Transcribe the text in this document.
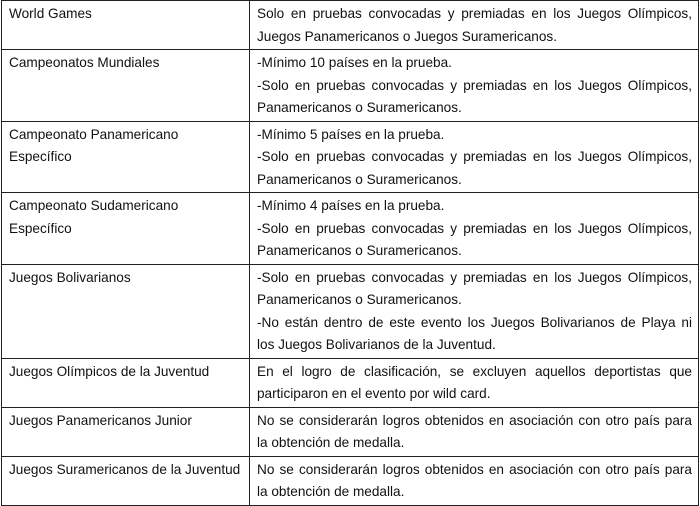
World Games	Solo en pruebas convocadas y premiadas en los Juegos Olímpicos,
Juegos Panamericanos o Juegos Suramericanos.

Campeonatos Mundiales	-Mínimo 10 países en la prueba.
-Solo en pruebas convocadas y premiadas en los Juegos Olímpicos,
Panamericanos o Suramericanos.

Campeonato Panamericano Específico	-Mínimo 5 países en la prueba.
-Solo en pruebas convocadas y premiadas en los Juegos Olímpicos,
Panamericanos o Suramericanos.

Campeonato Sudamericano Específico	-Mínimo 4 países en la prueba.
-Solo en pruebas convocadas y premiadas en los Juegos Olímpicos,
Panamericanos o Suramericanos.

Juegos Bolivarianos	-Solo en pruebas convocadas y premiadas en los Juegos Olímpicos,
Panamericanos o Suramericanos.
-No están dentro de este evento los Juegos Bolivarianos de Playa ni
los Juegos Bolivarianos de la Juventud.

Juegos Olímpicos de la Juventud	En el logro de clasificación, se excluyen aquellos deportistas que
participaron en el evento por wild card.

Juegos Panamericanos Junior	No se considerarán logros obtenidos en asociación con otro país para
la obtención de medalla.

Juegos Suramericanos de la Juventud	No se considerarán logros obtenidos en asociación con otro país para
la obtención de medalla.
